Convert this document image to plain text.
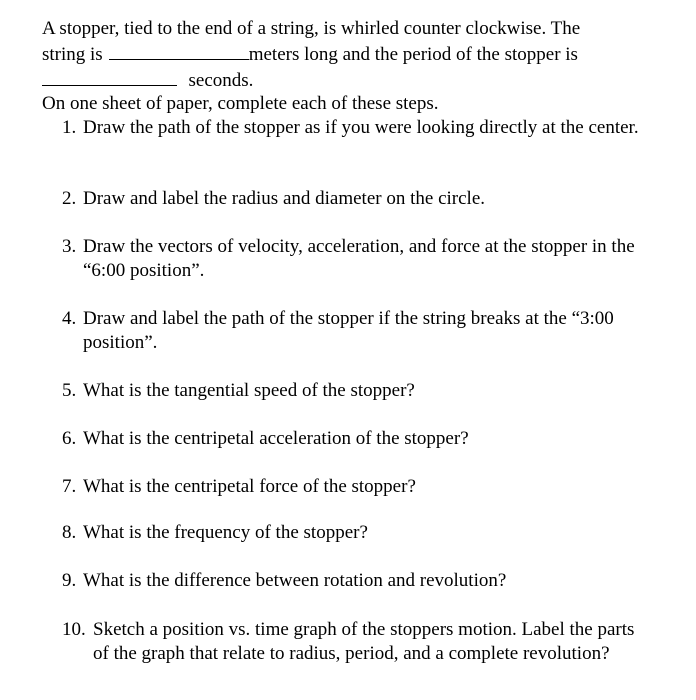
A stopper, tied to the end of a string, is whirled counter clockwise. The
string is	meters long and the period of the stopper is
seconds.
On one sheet of paper, complete each of these steps.
1. Draw the path of the stopper as if you were looking directly at the center.
2. Draw and label the radius and diameter on the circle.
3. Draw the vectors of velocity, acceleration, and force at the stopper in the “6:00 position”.
4. Draw and label the path of the stopper if the string breaks at the “3:00 position”.
5. What is the tangential speed of the stopper?
6. What is the centripetal acceleration of the stopper?
7. What is the centripetal force of the stopper?
8. What is the frequency of the stopper?
9. What is the difference between rotation and revolution?
10. Sketch a position vs. time graph of the stoppers motion. Label the parts of the graph that relate to radius, period, and a complete revolution?
